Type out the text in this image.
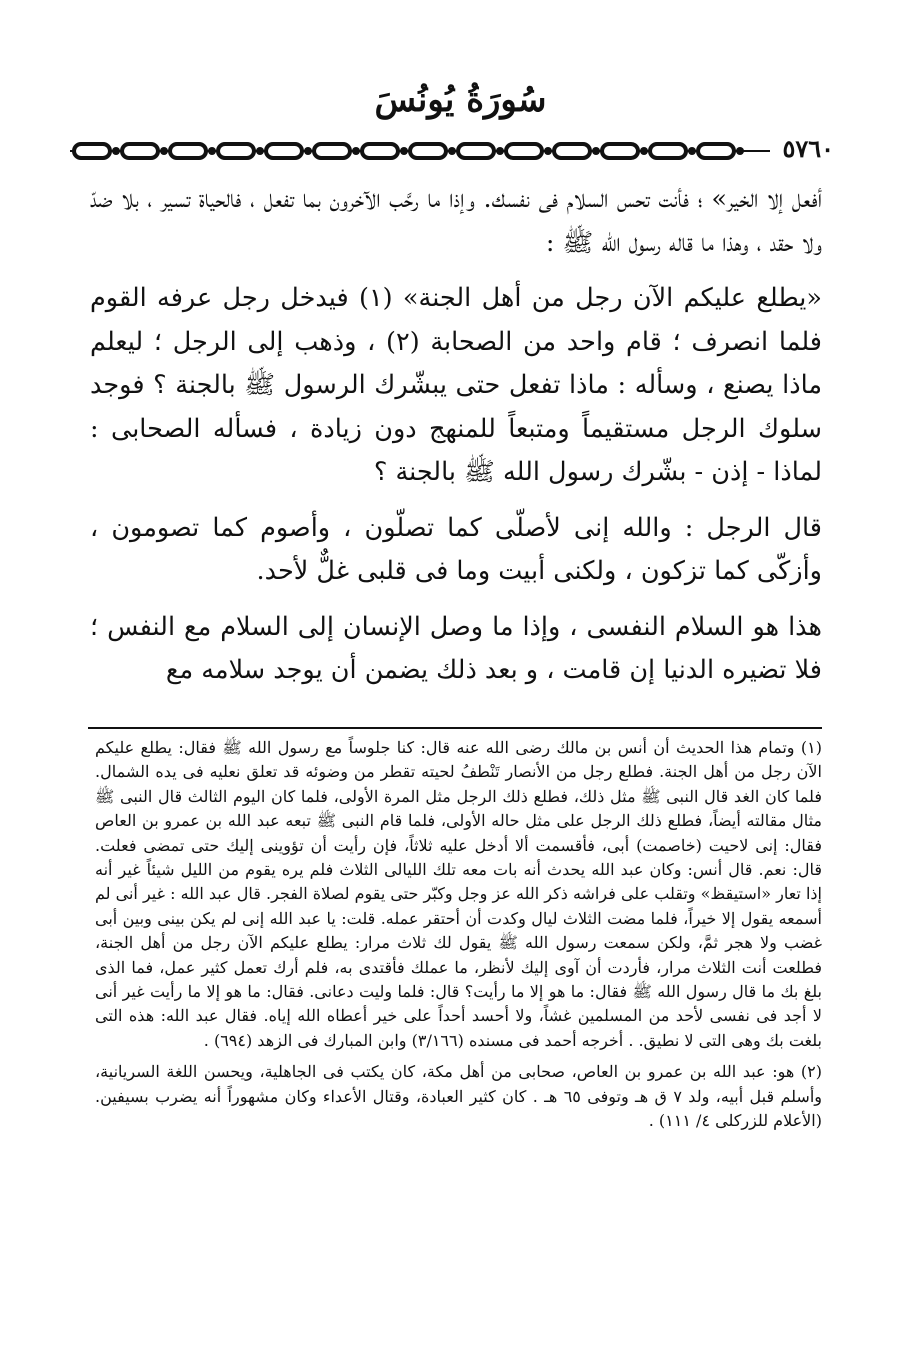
سُورَةُ يُونُسَ
٥٧٦٠

أفعل إلا الخير» ؛ فأنت تحس السلام فى نفسك. وإذا ما رحَّب الآخرون بما تفعل ، فالحياة تسير ، بلا ضدّ ولا حقد ، وهذا ما قاله رسول الله ﷺ :

«يطلع عليكم الآن رجل من أهل الجنة» (١) فيدخل رجل عرفه القوم فلما انصرف ؛ قام واحد من الصحابة (٢) ، وذهب إلى الرجل ؛ ليعلم ماذا يصنع ، وسأله : ماذا تفعل حتى يبشّرك الرسول ﷺ بالجنة ؟ فوجد سلوك الرجل مستقيماً ومتبعاً للمنهج دون زيادة ، فسأله الصحابى : لماذا - إذن - بشّرك رسول الله ﷺ بالجنة ؟

قال الرجل : والله إنى لأصلّى كما تصلّون ، وأصوم كما تصومون ، وأزكّى كما تزكون ، ولكنى أبيت وما فى قلبى غلٌّ لأحد.

هذا هو السلام النفسى ، وإذا ما وصل الإنسان إلى السلام مع النفس ؛ فلا تضيره الدنيا إن قامت ، و بعد ذلك يضمن أن يوجد سلامه مع

(١) وتمام هذا الحديث أن أنس بن مالك رضى الله عنه قال: كنا جلوساً مع رسول الله ﷺ فقال: يطلع عليكم الآن رجل من أهل الجنة. فطلع رجل من الأنصار تَنْطفُ لحيته تقطر من وضوئه قد تعلق نعليه فى يده الشمال. فلما كان الغد قال النبى ﷺ مثل ذلك، فطلع ذلك الرجل مثل المرة الأولى، فلما كان اليوم الثالث قال النبى ﷺ مثال مقالته أيضاً، فطلع ذلك الرجل على مثل حاله الأولى، فلما قام النبى ﷺ تبعه عبد الله بن عمرو بن العاص فقال: إنى لاحيت (خاصمت) أبى، فأقسمت ألا أدخل عليه ثلاثاً، فإن رأيت أن تؤوينى إليك حتى تمضى فعلت. قال: نعم. قال أنس: وكان عبد الله يحدث أنه بات معه تلك الليالى الثلاث فلم يره يقوم من الليل شيئاً غير أنه إذا تعار «استيقظ» وتقلب على فراشه ذكر الله عز وجل وكبّر حتى يقوم لصلاة الفجر. قال عبد الله : غير أنى لم أسمعه يقول إلا خيراً، فلما مضت الثلاث ليال وكدت أن أحتقر عمله. قلت: يا عبد الله إنى لم يكن بينى وبين أبى غضب ولا هجر ثمَّ، ولكن سمعت رسول الله ﷺ يقول لك ثلاث مرار: يطلع عليكم الآن رجل من أهل الجنة، فطلعت أنت الثلاث مرار، فأردت أن آوى إليك لأنظر، ما عملك فأقتدى به، فلم أرك تعمل كثير عمل، فما الذى بلغ بك ما قال رسول الله ﷺ فقال: ما هو إلا ما رأيت؟ قال: فلما وليت دعانى. فقال: ما هو إلا ما رأيت غير أنى لا أجد فى نفسى لأحد من المسلمين غشاً، ولا أحسد أحداً على خير أعطاه الله إياه. فقال عبد الله: هذه التى بلغت بك وهى التى لا نطيق. . أخرجه أحمد فى مسنده (٣/١٦٦) وابن المبارك فى الزهد (٦٩٤) .
(٢) هو: عبد الله بن عمرو بن العاص، صحابى من أهل مكة، كان يكتب فى الجاهلية، ويحسن اللغة السريانية، وأسلم قبل أبيه، ولد ٧ ق هـ وتوفى ٦٥ هـ . كان كثير العبادة، وقتال الأعداء وكان مشهوراً أنه يضرب بسيفين. (الأعلام للزركلى ٤/ ١١١) .
